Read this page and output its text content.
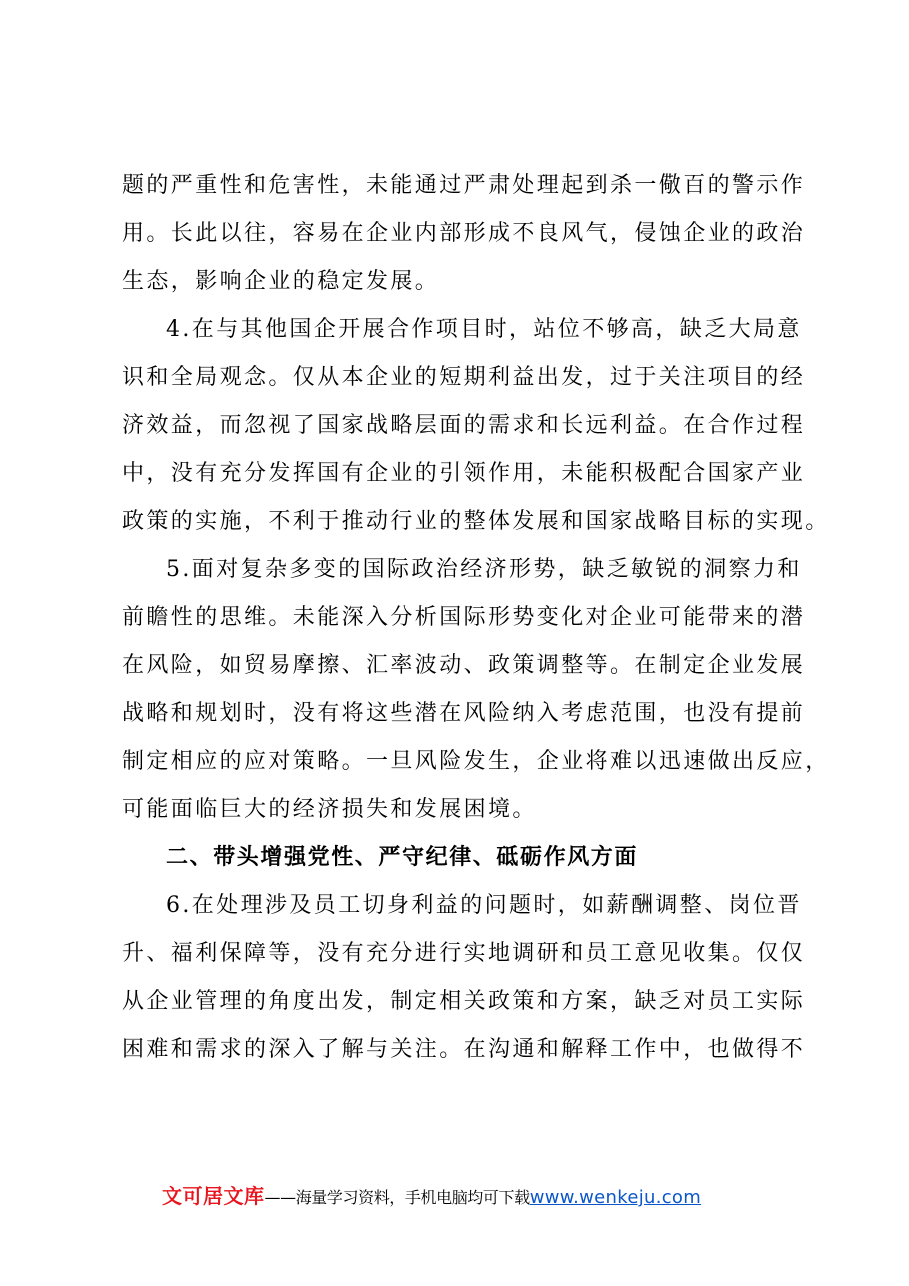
题的严重性和危害性，未能通过严肃处理起到杀一儆百的警示作
用。长此以往，容易在企业内部形成不良风气，侵蚀企业的政治
生态，影响企业的稳定发展。
4.在与其他国企开展合作项目时，站位不够高，缺乏大局意
识和全局观念。仅从本企业的短期利益出发，过于关注项目的经
济效益，而忽视了国家战略层面的需求和长远利益。在合作过程
中，没有充分发挥国有企业的引领作用，未能积极配合国家产业
政策的实施，不利于推动行业的整体发展和国家战略目标的实现。
5.面对复杂多变的国际政治经济形势，缺乏敏锐的洞察力和
前瞻性的思维。未能深入分析国际形势变化对企业可能带来的潜
在风险，如贸易摩擦、汇率波动、政策调整等。在制定企业发展
战略和规划时，没有将这些潜在风险纳入考虑范围，也没有提前
制定相应的应对策略。一旦风险发生，企业将难以迅速做出反应，
可能面临巨大的经济损失和发展困境。
二、带头增强党性、严守纪律、砥砺作风方面
6.在处理涉及员工切身利益的问题时，如薪酬调整、岗位晋
升、福利保障等，没有充分进行实地调研和员工意见收集。仅仅
从企业管理的角度出发，制定相关政策和方案，缺乏对员工实际
困难和需求的深入了解与关注。在沟通和解释工作中，也做得不
文可居文库——海量学习资料，手机电脑均可下载www.wenkeju.com
